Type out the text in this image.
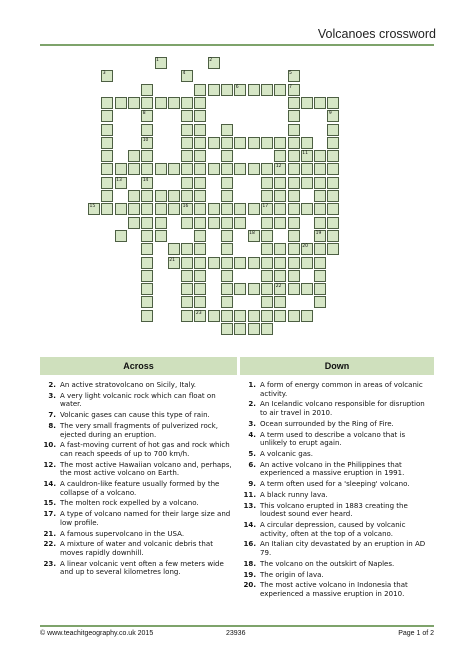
Volcanoes crossword
1	2
3	4	5
6	7
8	9
10
11
12
13	14
15	16	17
18	19
20
21
22
23
Across	Down
2. An active stratovolcano on Sicily, Italy.
3. A very light volcanic rock which can float on water.
7. Volcanic gases can cause this type of rain.
8. The very small fragments of pulverized rock, ejected during an eruption.
10. A fast-moving current of hot gas and rock which can reach speeds of up to 700 km/h.
12. The most active Hawaiian volcano and, perhaps, the most active volcano on Earth.
14. A cauldron-like feature usually formed by the collapse of a volcano.
15. The molten rock expelled by a volcano.
17. A type of volcano named for their large size and low profile.
21. A famous supervolcano in the USA.
22. A mixture of water and volcanic debris that moves rapidly downhill.
23. A linear volcanic vent often a few meters wide and up to several kilometres long.
1. A form of energy common in areas of volcanic activity.
2. An Icelandic volcano responsible for disruption to air travel in 2010.
3. Ocean surrounded by the Ring of Fire.
4. A term used to describe a volcano that is unlikely to erupt again.
5. A volcanic gas.
6. An active volcano in the Philippines that experienced a massive eruption in 1991.
9. A term often used for a 'sleeping' volcano.
11. A black runny lava.
13. This volcano erupted in 1883 creating the loudest sound ever heard.
14. A circular depression, caused by volcanic activity, often at the top of a volcano.
16. An Italian city devastated by an eruption in AD 79.
18. The volcano on the outskirt of Naples.
19. The origin of lava.
20. The most active volcano in Indonesia that experienced a massive eruption in 2010.
© www.teachitgeography.co.uk 2015	23936	Page 1 of 2
